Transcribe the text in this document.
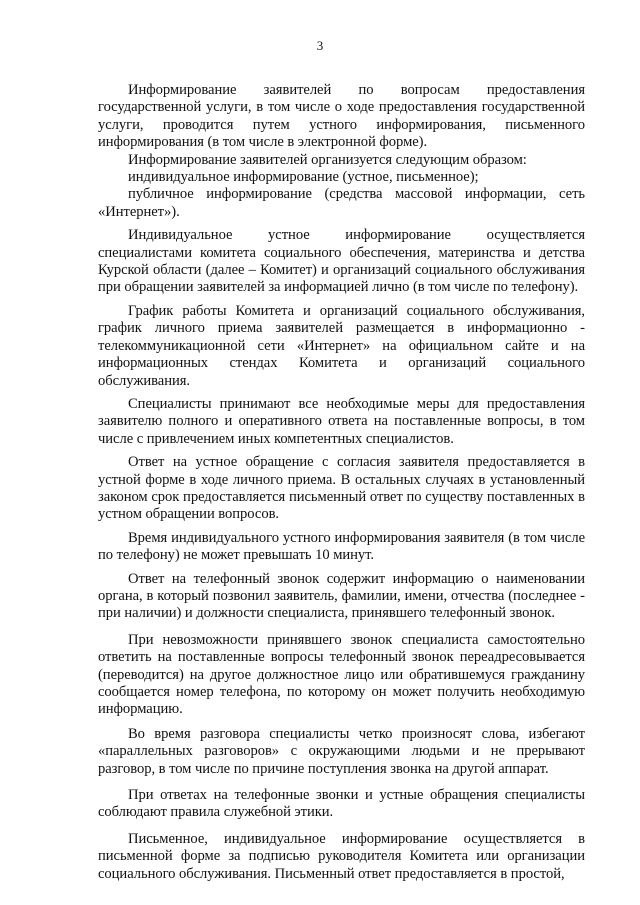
3

Информирование заявителей по вопросам предоставления государственной услуги, в том числе о ходе предоставления государственной услуги, проводится путем устного информирования, письменного информирования (в том числе в электронной форме).

Информирование заявителей организуется следующим образом:

индивидуальное информирование (устное, письменное);

публичное информирование (средства массовой информации, сеть «Интернет»).

Индивидуальное устное информирование осуществляется специалистами комитета социального обеспечения, материнства и детства Курской области (далее – Комитет) и организаций социального обслуживания при обращении заявителей за информацией лично (в том числе по телефону).

График работы Комитета и организаций социального обслуживания, график личного приема заявителей размещается в информационно - телекоммуникационной сети «Интернет» на официальном сайте и на информационных стендах Комитета и организаций социального обслуживания.

Специалисты принимают все необходимые меры для предоставления заявителю полного и оперативного ответа на поставленные вопросы, в том числе с привлечением иных компетентных специалистов.

Ответ на устное обращение с согласия заявителя предоставляется в устной форме в ходе личного приема. В остальных случаях в установленный законом срок предоставляется письменный ответ по существу поставленных в устном обращении вопросов.

Время индивидуального устного информирования заявителя (в том числе по телефону) не может превышать 10 минут.

Ответ на телефонный звонок содержит информацию о наименовании органа, в который позвонил заявитель, фамилии, имени, отчества (последнее - при наличии) и должности специалиста, принявшего телефонный звонок.

При невозможности принявшего звонок специалиста самостоятельно ответить на поставленные вопросы телефонный звонок переадресовывается (переводится) на другое должностное лицо или обратившемуся гражданину сообщается номер телефона, по которому он может получить необходимую информацию.

Во время разговора специалисты четко произносят слова, избегают «параллельных разговоров» с окружающими людьми и не прерывают разговор, в том числе по причине поступления звонка на другой аппарат.

При ответах на телефонные звонки и устные обращения специалисты соблюдают правила служебной этики.

Письменное, индивидуальное информирование осуществляется в письменной форме за подписью руководителя Комитета или организации социального обслуживания. Письменный ответ предоставляется в простой,
